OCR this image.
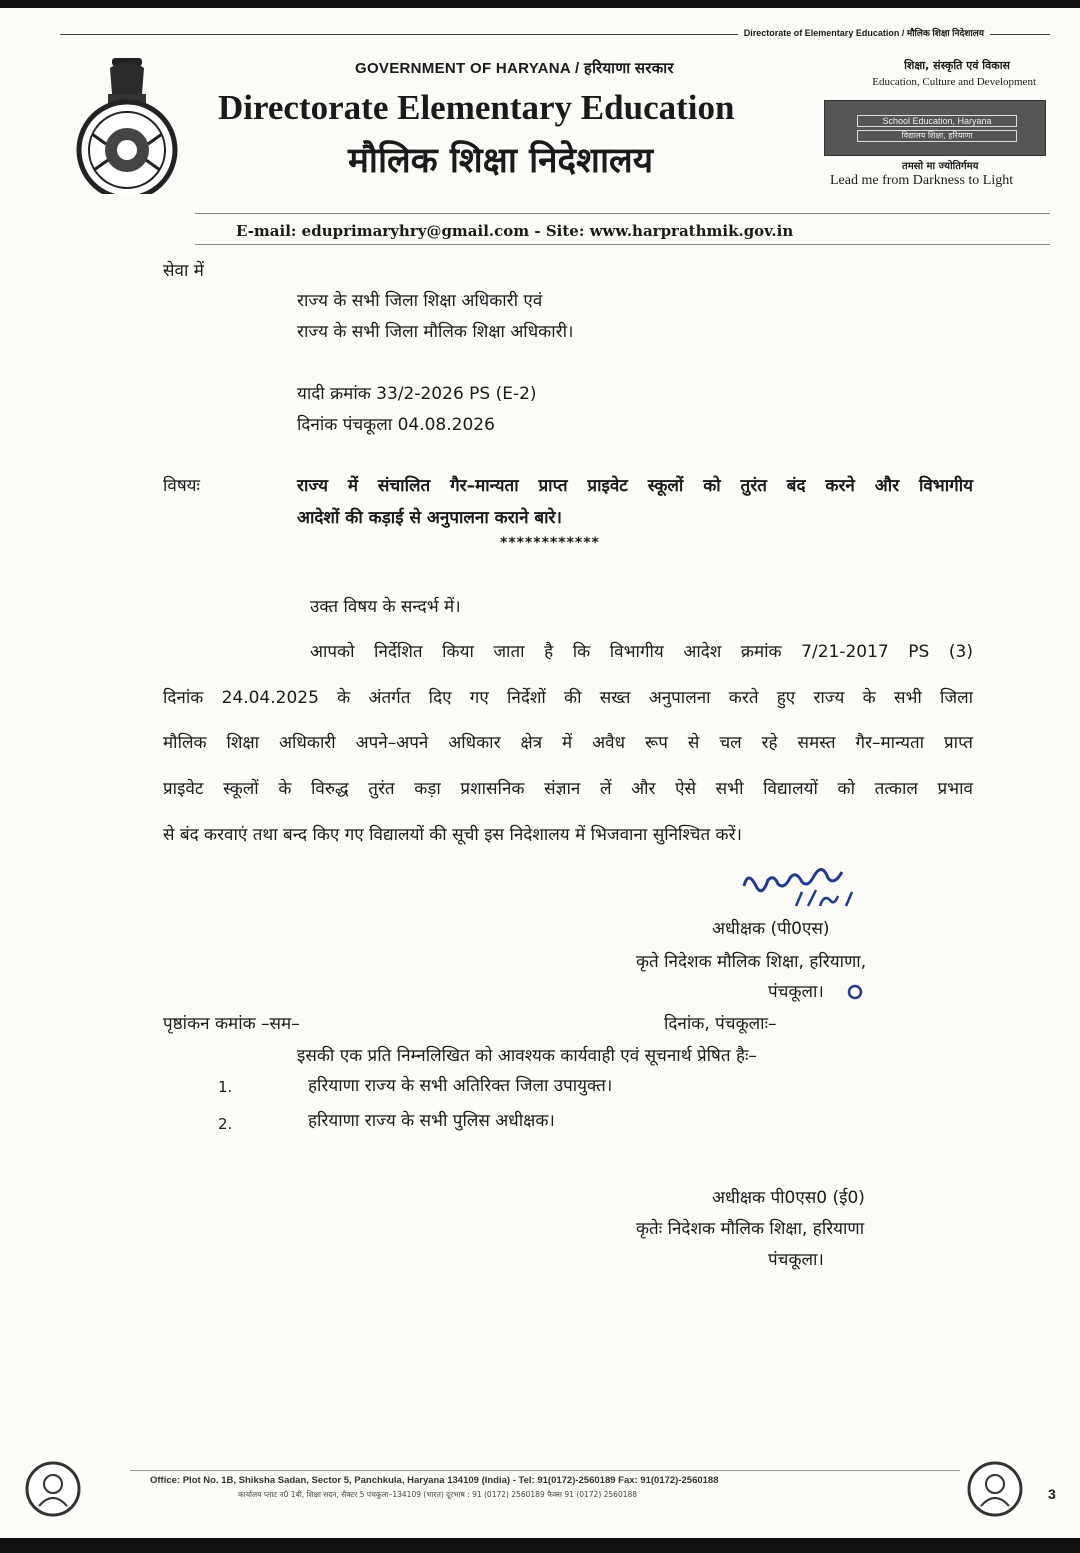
Directorate of Elementary Education / मौलिक शिक्षा निदेशालय
GOVERNMENT OF HARYANA / हरियाणा सरकार
Directorate Elementary Education
मौलिक शिक्षा निदेशालय
शिक्षा, संस्कृति एवं विकास
Education, Culture and Development
School Education, Haryana
विद्यालय शिक्षा, हरियाणा
तमसो मा ज्योतिर्गमय
Lead me from Darkness to Light
E-mail: eduprimaryhry@gmail.com - Site: www.harprathmik.gov.in
सेवा में
राज्य के सभी जिला शिक्षा अधिकारी एवं
राज्य के सभी जिला मौलिक शिक्षा अधिकारी।
यादी क्रमांक 33/2-2026 PS (E-2)
दिनांक पंचकूला 04.08.2026
विषयः	राज्य में संचालित गैर–मान्यता प्राप्त प्राइवेट स्कूलों को तुरंत बंद करने और विभागीय
आदेशों की कड़ाई से अनुपालना कराने बारे।
************
उक्त विषय के सन्दर्भ में।
आपको निर्देशित किया जाता है कि विभागीय आदेश क्रमांक 7/21-2017 PS (3)
दिनांक 24.04.2025 के अंतर्गत दिए गए निर्देशों की सख्त अनुपालना करते हुए राज्य के सभी जिला
मौलिक शिक्षा अधिकारी अपने–अपने अधिकार क्षेत्र में अवैध रूप से चल रहे समस्त गैर–मान्यता प्राप्त
प्राइवेट स्कूलों के विरुद्ध तुरंत कड़ा प्रशासनिक संज्ञान लें और ऐसे सभी विद्यालयों को तत्काल प्रभाव
से बंद करवाएं तथा बन्द किए गए विद्यालयों की सूची इस निदेशालय में भिजवाना सुनिश्चित करें।
अधीक्षक (पी0एस)
कृते निदेशक मौलिक शिक्षा, हरियाणा,
पंचकूला।
पृष्ठांकन कमांक –सम–	दिनांक, पंचकूलाः–
इसकी एक प्रति निम्नलिखित को आवश्यक कार्यवाही एवं सूचनार्थ प्रेषित हैः–
1.	हरियाणा राज्य के सभी अतिरिक्त जिला उपायुक्त।
2.	हरियाणा राज्य के सभी पुलिस अधीक्षक।
अधीक्षक पी0एस0 (ई0)
कृतेः निदेशक मौलिक शिक्षा, हरियाणा
पंचकूला।
Office: Plot No. 1B, Shiksha Sadan, Sector 5, Panchkula, Haryana 134109 (India) - Tel: 91(0172)-2560189 Fax: 91(0172)-2560188
कार्यालय प्लाट न0 1बी, शिक्षा सदन, सैक्टर 5 पंचकूला–134109 (भारत) दूरभाष : 91 (0172) 2560189 फैक्स 91 (0172) 2560188	3
